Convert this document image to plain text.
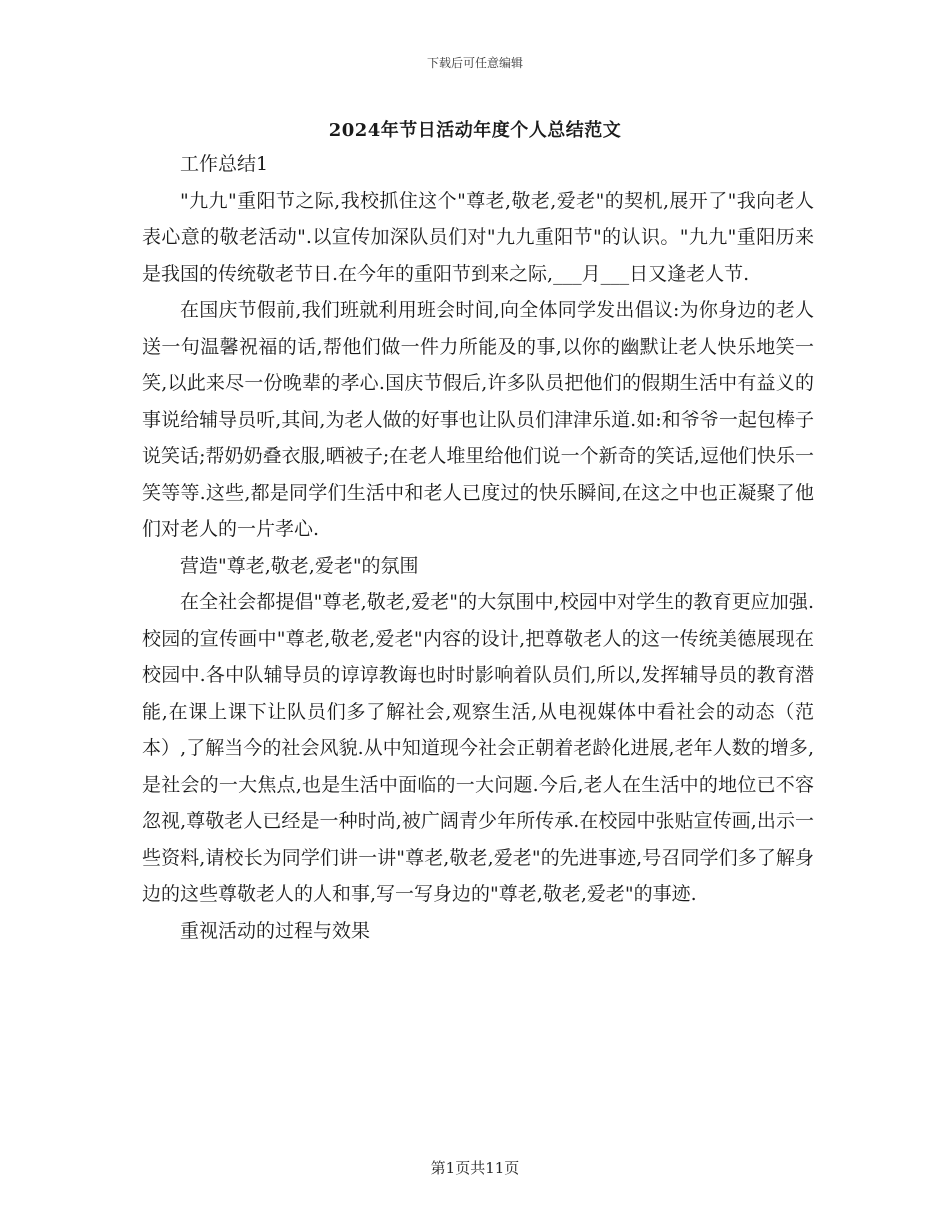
下载后可任意编辑
2024年节日活动年度个人总结范文

工作总结1

"九九"重阳节之际,我校抓住这个"尊老,敬老,爱老"的契机,展开了"我向老人表心意的敬老活动".以宣传加深队员们对"九九重阳节"的认识。"九九"重阳历来是我国的传统敬老节日.在今年的重阳节到来之际,___月___日又逢老人节.

在国庆节假前,我们班就利用班会时间,向全体同学发出倡议:为你身边的老人送一句温馨祝福的话,帮他们做一件力所能及的事,以你的幽默让老人快乐地笑一笑,以此来尽一份晚辈的孝心.国庆节假后,许多队员把他们的假期生活中有益义的事说给辅导员听,其间,为老人做的好事也让队员们津津乐道.如:和爷爷一起包棒子说笑话;帮奶奶叠衣服,晒被子;在老人堆里给他们说一个新奇的笑话,逗他们快乐一笑等等.这些,都是同学们生活中和老人已度过的快乐瞬间,在这之中也正凝聚了他们对老人的一片孝心.

营造"尊老,敬老,爱老"的氛围

在全社会都提倡"尊老,敬老,爱老"的大氛围中,校园中对学生的教育更应加强.校园的宣传画中"尊老,敬老,爱老"内容的设计,把尊敬老人的这一传统美德展现在校园中.各中队辅导员的谆谆教诲也时时影响着队员们,所以,发挥辅导员的教育潜能,在课上课下让队员们多了解社会,观察生活,从电视媒体中看社会的动态（范本）,了解当今的社会风貌.从中知道现今社会正朝着老龄化进展,老年人数的增多,是社会的一大焦点,也是生活中面临的一大问题.今后,老人在生活中的地位已不容忽视,尊敬老人已经是一种时尚,被广阔青少年所传承.在校园中张贴宣传画,出示一些资料,请校长为同学们讲一讲"尊老,敬老,爱老"的先进事迹,号召同学们多了解身边的这些尊敬老人的人和事,写一写身边的"尊老,敬老,爱老"的事迹.

重视活动的过程与效果

第1页共11页
